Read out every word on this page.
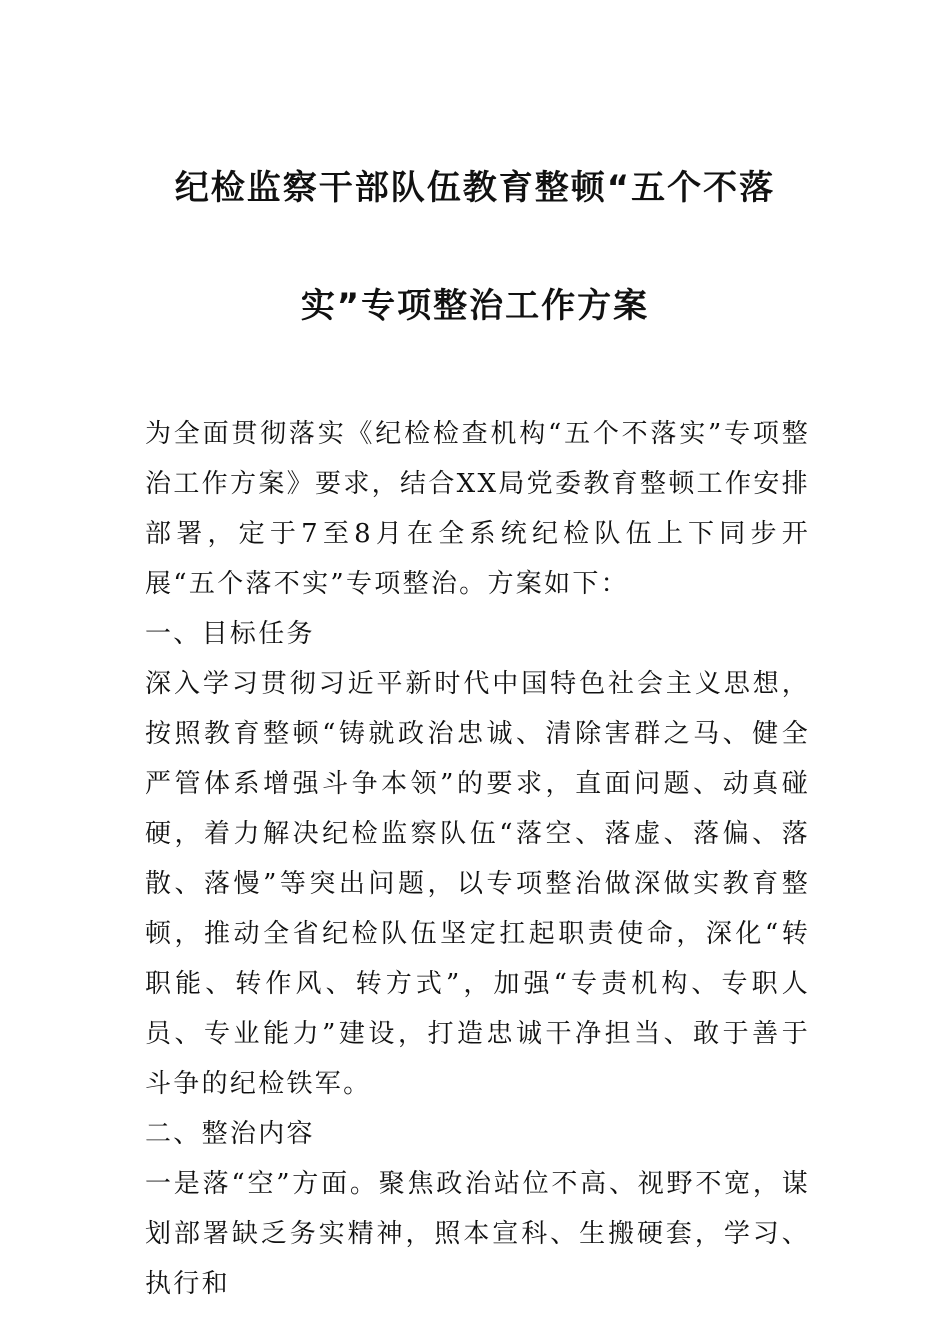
纪检监察干部队伍教育整顿“五个不落
实”专项整治工作方案

为全面贯彻落实《纪检检查机构“五个不落实”专项整治工作方案》要求，结合XX局党委教育整顿工作安排部署，定于7至8月在全系统纪检队伍上下同步开展“五个落不实”专项整治。方案如下：

一、目标任务

深入学习贯彻习近平新时代中国特色社会主义思想，按照教育整顿“铸就政治忠诚、清除害群之马、健全严管体系增强斗争本领”的要求，直面问题、动真碰硬，着力解决纪检监察队伍“落空、落虚、落偏、落散、落慢”等突出问题，以专项整治做深做实教育整顿，推动全省纪检队伍坚定扛起职责使命，深化“转职能、转作风、转方式”，加强“专责机构、专职人员、专业能力”建设，打造忠诚干净担当、敢于善于斗争的纪检铁军。

二、整治内容

一是落“空”方面。聚焦政治站位不高、视野不宽，谋划部署缺乏务实精神，照本宣科、生搬硬套，学习、执行和
